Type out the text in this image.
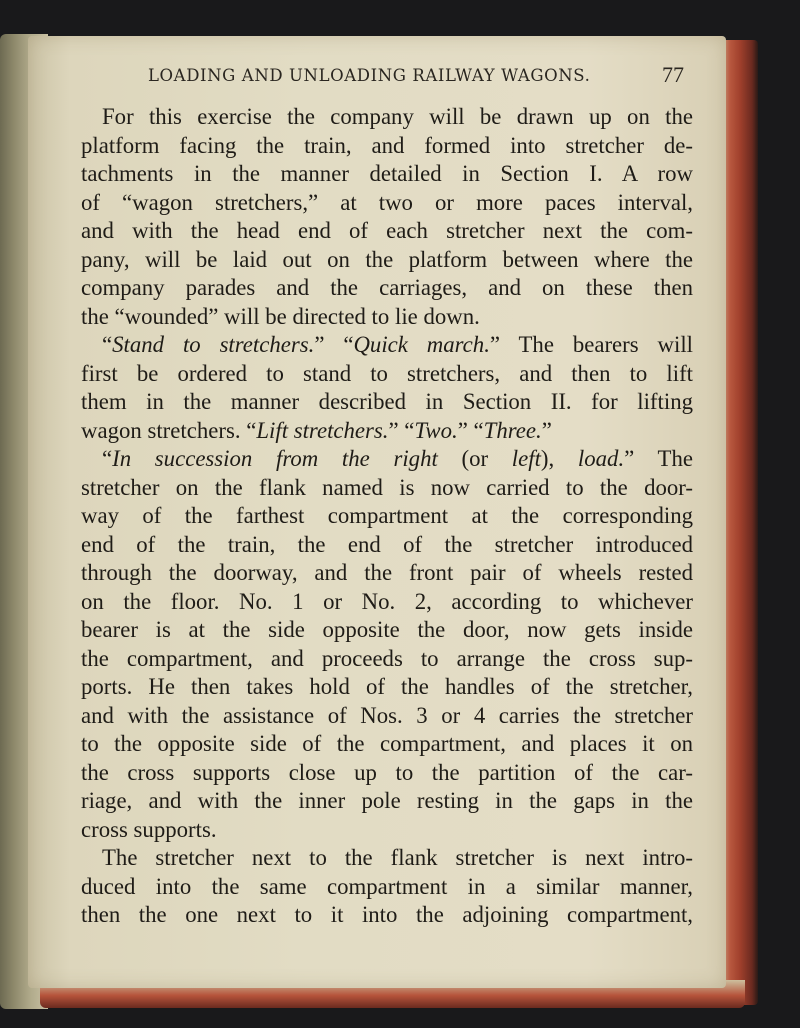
LOADING AND UNLOADING RAILWAY WAGONS.	77
For this exercise the company will be drawn up on the
platform facing the train, and formed into stretcher de-
tachments in the manner detailed in Section I. A row
of “wagon stretchers,” at two or more paces interval,
and with the head end of each stretcher next the com-
pany, will be laid out on the platform between where the
company parades and the carriages, and on these then
the “wounded” will be directed to lie down.
“Stand to stretchers.” “Quick march.” The bearers will
first be ordered to stand to stretchers, and then to lift
them in the manner described in Section II. for lifting
wagon stretchers. “Lift stretchers.” “Two.” “Three.”
“In succession from the right (or left), load.” The
stretcher on the flank named is now carried to the door-
way of the farthest compartment at the corresponding
end of the train, the end of the stretcher introduced
through the doorway, and the front pair of wheels rested
on the floor. No. 1 or No. 2, according to whichever
bearer is at the side opposite the door, now gets inside
the compartment, and proceeds to arrange the cross sup-
ports. He then takes hold of the handles of the stretcher,
and with the assistance of Nos. 3 or 4 carries the stretcher
to the opposite side of the compartment, and places it on
the cross supports close up to the partition of the car-
riage, and with the inner pole resting in the gaps in the
cross supports.
The stretcher next to the flank stretcher is next intro-
duced into the same compartment in a similar manner,
then the one next to it into the adjoining compartment,
